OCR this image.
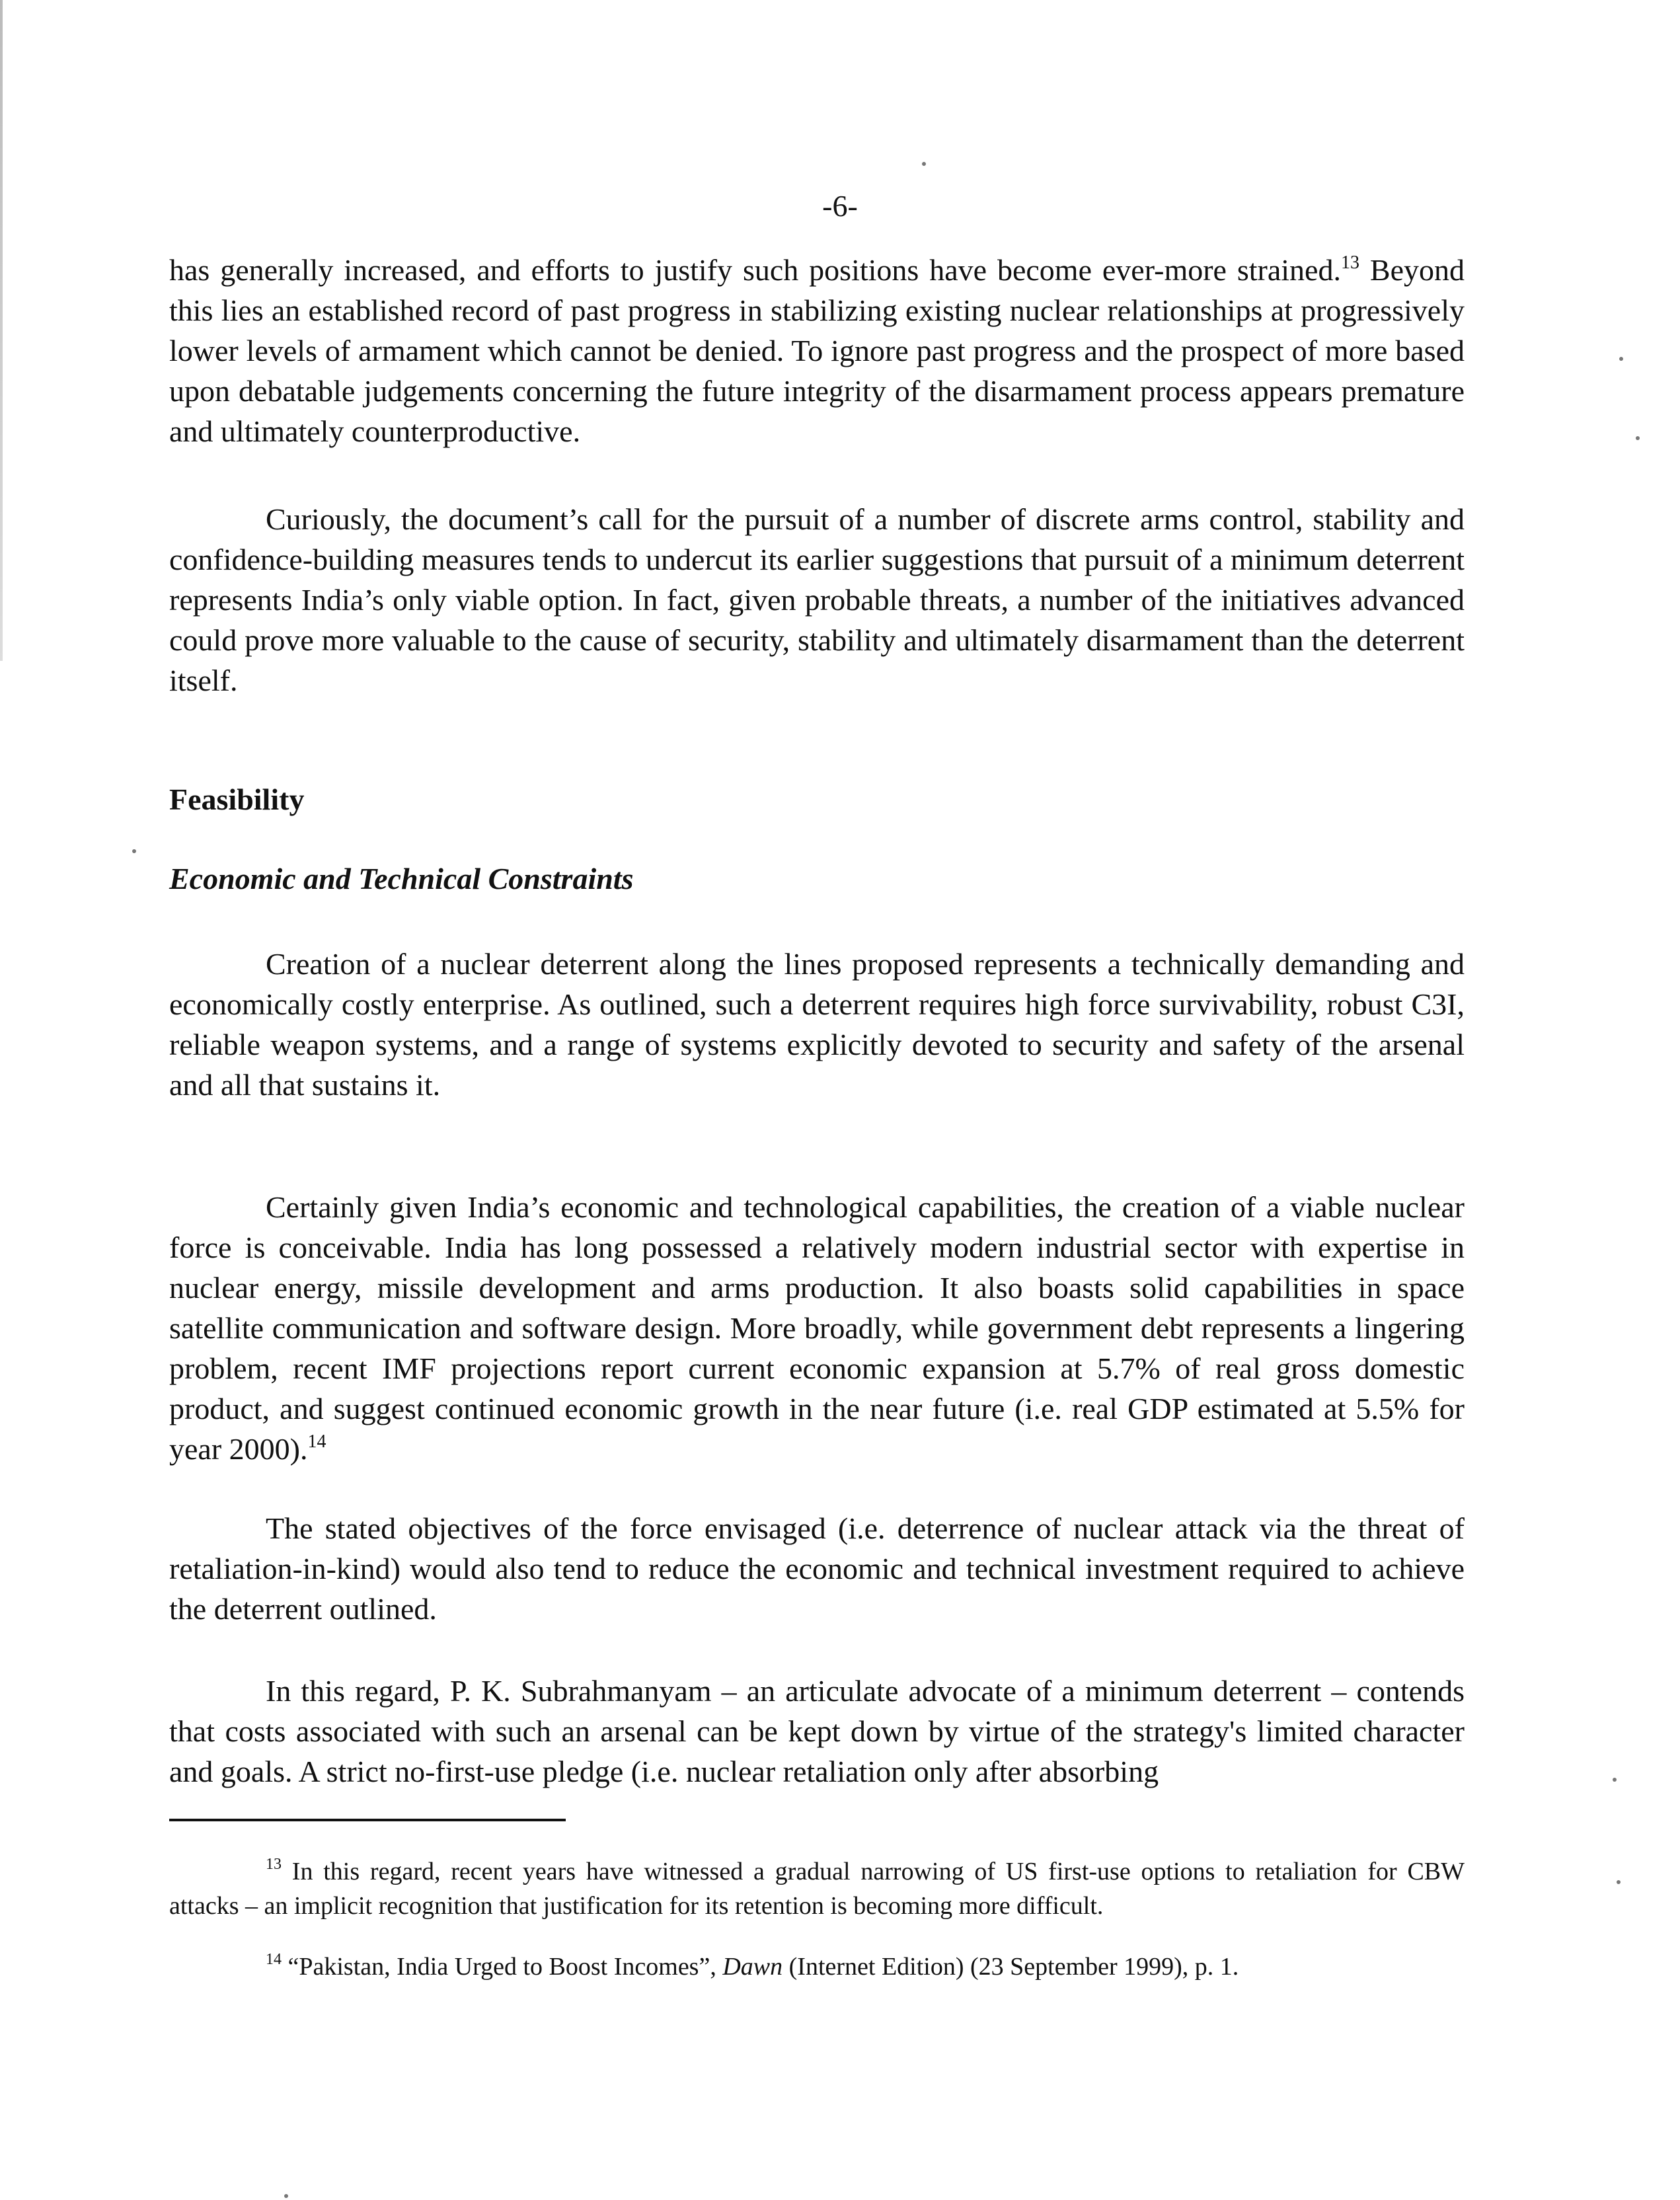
-6-

has generally increased, and efforts to justify such positions have become ever-more strained.$^{13}$ Beyond this lies an established record of past progress in stabilizing existing nuclear relationships at progressively lower levels of armament which cannot be denied. To ignore past progress and the prospect of more based upon debatable judgements concerning the future integrity of the disarmament process appears premature and ultimately counterproductive.

Curiously, the document’s call for the pursuit of a number of discrete arms control, stability and confidence-building measures tends to undercut its earlier suggestions that pursuit of a minimum deterrent represents India’s only viable option. In fact, given probable threats, a number of the initiatives advanced could prove more valuable to the cause of security, stability and ultimately disarmament than the deterrent itself.

Feasibility
Economic and Technical Constraints

Creation of a nuclear deterrent along the lines proposed represents a technically demanding and economically costly enterprise. As outlined, such a deterrent requires high force survivability, robust C3I, reliable weapon systems, and a range of systems explicitly devoted to security and safety of the arsenal and all that sustains it.

Certainly given India’s economic and technological capabilities, the creation of a viable nuclear force is conceivable. India has long possessed a relatively modern industrial sector with expertise in nuclear energy, missile development and arms production. It also boasts solid capabilities in space satellite communication and software design. More broadly, while government debt represents a lingering problem, recent IMF projections report current economic expansion at 5.7% of real gross domestic product, and suggest continued economic growth in the near future (i.e. real GDP estimated at 5.5% for year 2000).$^{14}$

The stated objectives of the force envisaged (i.e. deterrence of nuclear attack via the threat of retaliation-in-kind) would also tend to reduce the economic and technical investment required to achieve the deterrent outlined.

In this regard, P. K. Subrahmanyam – an articulate advocate of a minimum deterrent – contends that costs associated with such an arsenal can be kept down by virtue of the strategy's limited character and goals. A strict no-first-use pledge (i.e. nuclear retaliation only after absorbing

$^{13}$ In this regard, recent years have witnessed a gradual narrowing of US first-use options to retaliation for CBW attacks – an implicit recognition that justification for its retention is becoming more difficult.

$^{14}$ “Pakistan, India Urged to Boost Incomes”, Dawn (Internet Edition) (23 September 1999), p. 1.
